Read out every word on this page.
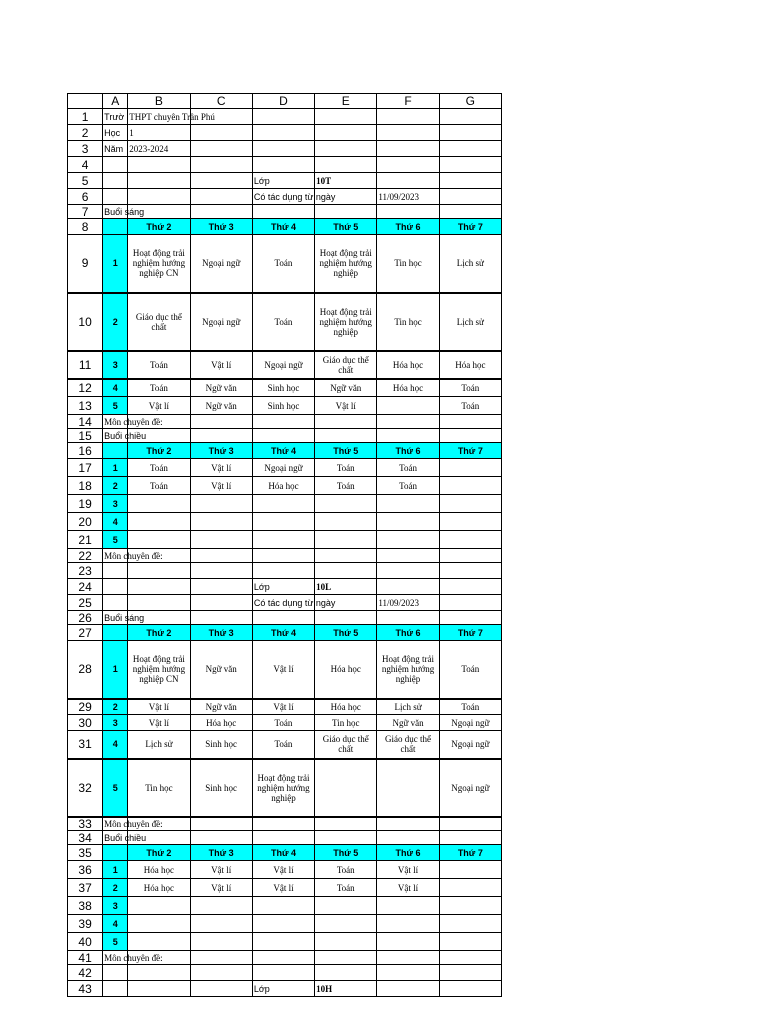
	A	B	C	D	E	F	G
1	Trườ	THPT chuyên Trần Phú					
2	Học	1					
3	Năm	2023-2024					
4							
5				Lớp	10T		
6				Có tác dụng từ ngày		11/09/2023	
7	Buổi sáng						
8		Thứ 2	Thứ 3	Thứ 4	Thứ 5	Thứ 6	Thứ 7
9	1	Hoạt động trải nghiệm hướng nghiệp CN	Ngoại ngữ	Toán	Hoạt động trải nghiệm hướng nghiệp	Tin học	Lịch sử
10	2	Giáo dục thể chất	Ngoại ngữ	Toán	Hoạt động trải nghiệm hướng nghiệp	Tin học	Lịch sử
11	3	Toán	Vật lí	Ngoại ngữ	Giáo dục thể chất	Hóa học	Hóa học
12	4	Toán	Ngữ văn	Sinh học	Ngữ văn	Hóa học	Toán
13	5	Vật lí	Ngữ văn	Sinh học	Vật lí		Toán
14	Môn chuyên đề:						
15	Buổi chiều						
16		Thứ 2	Thứ 3	Thứ 4	Thứ 5	Thứ 6	Thứ 7
17	1	Toán	Vật lí	Ngoại ngữ	Toán	Toán	
18	2	Toán	Vật lí	Hóa học	Toán	Toán	
19	3						
20	4						
21	5						
22	Môn chuyên đề:						
23							
24				Lớp	10L		
25				Có tác dụng từ ngày		11/09/2023	
26	Buổi sáng						
27		Thứ 2	Thứ 3	Thứ 4	Thứ 5	Thứ 6	Thứ 7
28	1	Hoạt động trải nghiệm hướng nghiệp CN	Ngữ văn	Vật lí	Hóa học	Hoạt động trải nghiệm hướng nghiệp	Toán
29	2	Vật lí	Ngữ văn	Vật lí	Hóa học	Lịch sử	Toán
30	3	Vật lí	Hóa học	Toán	Tin học	Ngữ văn	Ngoại ngữ
31	4	Lịch sử	Sinh học	Toán	Giáo dục thể chất	Giáo dục thể chất	Ngoại ngữ
32	5	Tin học	Sinh học	Hoạt động trải nghiệm hướng nghiệp			Ngoại ngữ
33	Môn chuyên đề:						
34	Buổi chiều						
35		Thứ 2	Thứ 3	Thứ 4	Thứ 5	Thứ 6	Thứ 7
36	1	Hóa học	Vật lí	Vật lí	Toán	Vật lí	
37	2	Hóa học	Vật lí	Vật lí	Toán	Vật lí	
38	3						
39	4						
40	5						
41	Môn chuyên đề:						
42							
43				Lớp	10H		
